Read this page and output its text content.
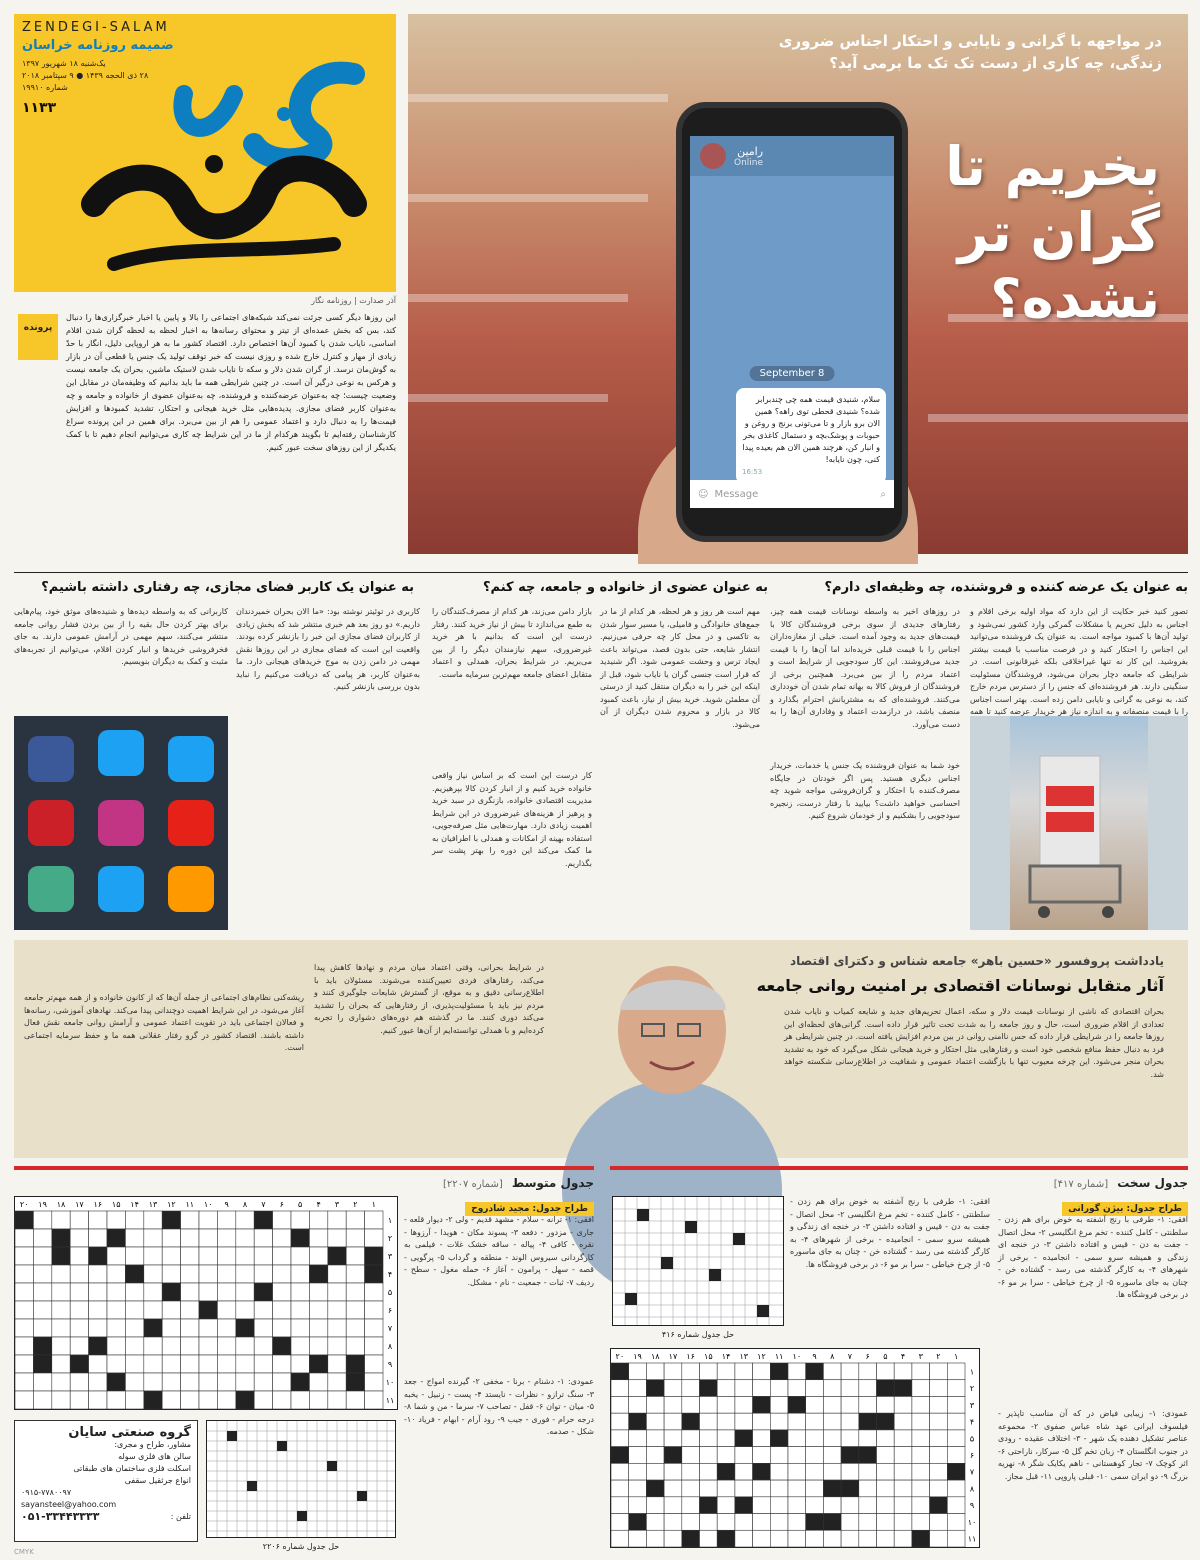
ZENDEGI-SALAM
ضمیمه روزنامه خراسان
یک‌شنبه ۱۸ شهریور ۱۳۹۷
۲۸ ذی الحجه ۱۴۳۹ ● ۹ سپتامبر ۲۰۱۸
شماره ۱۹۹۱۰
۱۱۳۳
در مواجهه با گرانی و نایابی و احتکار اجناس ضروری زندگی، چه کاری از دست تک تک ما برمی آید؟
بخریم تا گران تر نشده؟
رامین
Online
September 8
سلام، شنیدی قیمت همه چی چندبرابر شده؟ شنیدی قحطی توی راهه؟ همین الان برو بازار و تا می‌تونی برنج و روغن و حبوبات و پوشک‌بچه و دستمال کاغذی بخر و انبار کن، هرچند همین الان هم بعیده پیدا کنی، چون نایابه!
16:53
☺ Message	⌕
آذر صدارت | روزنامه نگار
پرونده
این روزها دیگر کسی جرئت نمی‌کند شبکه‌های اجتماعی را بالا و پایین یا اخبار خبرگزاری‌ها را دنبال کند، بس که بخش عمده‌ای از تیتر و محتوای رسانه‌ها به اخبار لحظه به لحظه گران شدن اقلام اساسی، نایاب شدن یا کمبود آن‌ها اختصاص دارد. اقتصاد کشور ما به هر اروپایی دلیل، انگار با حدّ زیادی از مهار و کنترل خارج شده و روزی نیست که خبر توقف تولید یک جنس یا قطعی آن در بازار به گوش‌مان نرسد. از گران شدن دلار و سکه تا نایاب شدن لاستیک ماشین، بحران یک جامعه نیست و هرکس به نوعی درگیر آن است. در چنین شرایطی همه ما باید بدانیم که وظیفه‌مان در مقابل این وضعیت چیست؛ چه به‌عنوان عرضه‌کننده و فروشنده، چه به‌عنوان عضوی از خانواده و جامعه و چه به‌عنوان کاربر فضای مجازی. پدیده‌هایی مثل خرید هیجانی و احتکار، تشدید کمبودها و افزایش قیمت‌ها را به دنبال دارد و اعتماد عمومی را هم از بین می‌برد. برای همین در این پرونده سراغ کارشناسان رفته‌ایم تا بگویند هرکدام از ما در این شرایط چه کاری می‌توانیم انجام دهیم تا با کمک یکدیگر از این روزهای سخت عبور کنیم.
به عنوان یک عرضه کننده و فروشنده، چه وظیفه‌ای دارم؟
به عنوان عضوی از خانواده و جامعه، چه کنم؟
به عنوان یک کاربر فضای مجازی، چه رفتاری داشته باشیم؟
تصور کنید خبر حکایت از این دارد که مواد اولیه برخی اقلام و اجناس به دلیل تحریم یا مشکلات گمرکی وارد کشور نمی‌شود و تولید آن‌ها با کمبود مواجه است. به عنوان یک فروشنده می‌توانید این اجناس را احتکار کنید و در فرصت مناسب با قیمت بیشتر بفروشید. این کار نه تنها غیراخلاقی بلکه غیرقانونی است. در شرایطی که جامعه دچار بحران می‌شود، فروشندگان مسئولیت سنگینی دارند. هر فروشنده‌ای که جنس را از دسترس مردم خارج کند، به نوعی به گرانی و نایابی دامن زده است. بهتر است اجناس را با قیمت منصفانه و به اندازه نیاز هر خریدار عرضه کنید تا همه
در روزهای اخیر به واسطه نوسانات قیمت همه چیز، رفتارهای جدیدی از سوی برخی فروشندگان کالا با قیمت‌های جدید به وجود آمده است. خیلی از مغازه‌داران اجناس را با قیمت قبلی خریده‌اند اما آن‌ها را با قیمت جدید می‌فروشند. این کار سودجویی از شرایط است و اعتماد مردم را از بین می‌برد. همچنین برخی از فروشندگان از فروش کالا به بهانه تمام شدن آن خودداری می‌کنند. فروشنده‌ای که به مشتریانش احترام بگذارد و منصف باشد، در درازمدت اعتماد و وفاداری آن‌ها را به دست می‌آورد.
خود شما به عنوان فروشنده یک جنس یا خدمات، خریدار اجناس دیگری هستید. پس اگر خودتان در جایگاه مصرف‌کننده با احتکار و گران‌فروشی مواجه شوید چه احساسی خواهید داشت؟ بیایید با رفتار درست، زنجیره سودجویی را بشکنیم و از خودمان شروع کنیم.
مهم است هر روز و هر لحظه، هر کدام از ما در جمع‌های خانوادگی و فامیلی، یا مسیر سوار شدن به تاکسی و در محل کار چه حرفی می‌زنیم. انتشار شایعه، حتی بدون قصد، می‌تواند باعث ایجاد ترس و وحشت عمومی شود. اگر شنیدید که قرار است جنسی گران یا نایاب شود، قبل از اینکه این خبر را به دیگران منتقل کنید از درستی آن مطمئن شوید. خرید بیش از نیاز، باعث کمبود کالا در بازار و محروم شدن دیگران از آن می‌شود.
بازار دامن می‌زند، هر کدام از مصرف‌کنندگان را به طمع می‌اندازد تا بیش از نیاز خرید کنند. رفتار درست این است که بدانیم با هر خرید غیرضروری، سهم نیازمندان دیگر را از بین می‌بریم. در شرایط بحران، همدلی و اعتماد متقابل اعضای جامعه مهم‌ترین سرمایه ماست.
کار درست این است که بر اساس نیاز واقعی خانواده خرید کنیم و از انبار کردن کالا بپرهیزیم. مدیریت اقتصادی خانواده، بازنگری در سبد خرید و پرهیز از هزینه‌های غیرضروری در این شرایط اهمیت زیادی دارد. مهارت‌هایی مثل صرفه‌جویی، استفاده بهینه از امکانات و همدلی با اطرافیان به ما کمک می‌کند این دوره را بهتر پشت سر بگذاریم.
کاربری در توئیتر نوشته بود: «ما الان بحران خمیردندان داریم.» دو روز بعد هم خبری منتشر شد که بخش زیادی از کاربران فضای مجازی این خبر را بازنشر کرده بودند. واقعیت این است که فضای مجازی در این روزها نقش مهمی در دامن زدن به موج خرید‌های هیجانی دارد. ما به‌عنوان کاربر، هر پیامی که دریافت می‌کنیم را نباید بدون بررسی بازنشر کنیم.
کاربرانی که به واسطه دیده‌ها و شنیده‌های موثق خود، پیام‌هایی برای بهتر کردن حال بقیه را از بین بردن فشار روانی جامعه منتشر می‌کنند، سهم مهمی در آرامش عمومی دارند. به جای فخرفروشی خرید‌ها و انبار کردن اقلام، می‌توانیم از تجربه‌های مثبت و کمک به دیگران بنویسیم.
یادداشت پروفسور «حسین باهر» جامعه شناس و دکترای اقتصاد
آثار متقابل نوسانات اقتصادی بر امنیت روانی جامعه
بحران اقتصادی که ناشی از نوسانات قیمت دلار و سکه، اعمال تحریم‌های جدید و شایعه کمیاب و نایاب شدن تعدادی از اقلام ضروری است، حال و روز جامعه را به شدت تحت تاثیر قرار داده است. گرانی‌های لحظه‌ای این روزها جامعه را در شرایطی قرار داده که حس ناامنی روانی در بین مردم افزایش یافته است. در چنین شرایطی هر فرد به دنبال حفظ منافع شخصی خود است و رفتارهایی مثل احتکار و خرید هیجانی شکل می‌گیرد که خود به تشدید بحران منجر می‌شود. این چرخه معیوب تنها با بازگشت اعتماد عمومی و شفافیت در اطلاع‌رسانی شکسته خواهد شد.
در شرایط بحرانی، وقتی اعتماد میان مردم و نهادها کاهش پیدا می‌کند، رفتارهای فردی تعیین‌کننده می‌شوند. مسئولان باید با اطلاع‌رسانی دقیق و به موقع، از گسترش شایعات جلوگیری کنند و مردم نیز باید با مسئولیت‌پذیری، از رفتارهایی که بحران را تشدید می‌کند دوری کنند. ما در گذشته هم دوره‌های دشواری را تجربه کرده‌ایم و با همدلی توانسته‌ایم از آن‌ها عبور کنیم.
ریشه‌کنی نظام‌های اجتماعی از جمله آن‌ها که از کانون خانواده و از همه مهم‌تر جامعه آغاز می‌شود، در این شرایط اهمیت دوچندانی پیدا می‌کند. نهادهای آموزشی، رسانه‌ها و فعالان اجتماعی باید در تقویت اعتماد عمومی و آرامش روانی جامعه نقش فعال داشته باشند. اقتصاد کشور در گرو رفتار عقلانی همه ما و حفظ سرمایه اجتماعی است.
جدول سخت [شماره ۴۱۷]
طراح جدول: بیژن گورانی
افقی: ۱- طرفی با رنج آشفته به خوض برای هم زدن - سلطنتی - کامل کننده - تخم مرغ انگلیسی ۲- محل اتصال - جفت به دن - قیس و افتاده داشتن ۳- در خنجه ای زندگی و همیشه سرو سمی - انجامیده - برخی از شهرهای ۴- به کارگر گذشته می رسد - گشتاده خن - چنان به جای ماسوره ۵- از چرخ خیاطی - سرا بر مو ۶- در برخی فروشگاه ها.
عمودی: ۱- زیبایی فیاض در که آن مناسب تاپذیر - فیلسوف ایرانی عهد شاه عباس صفوی ۲- محموعه عناصر تشکیل دهنده یک شهر - ۳- اختلاف عقیده - رودی در جنوب انگلستان ۴- زبان تخم گل ۵- سرکار، ناراحتی ۶- اثر کوچک ۷- تجار کوهستانی - ناهم یکایک شگر ۸- نهریه بزرگ ۹- دو ایران سمی ۱۰- قبلی پاروپی ۱۱- قبل مجاز.
حل جدول شماره ۴۱۶
افقی: ۱- طرفی با رنج آشفته به خوض برای هم زدن - سلطنتی - کامل کننده - تخم مرغ انگلیسی ۲- محل اتصال - جفت به دن - قیس و افتاده داشتن ۳- در خنجه ای زندگی و همیشه سرو سمی - انجامیده - برخی از شهرهای ۴- به کارگر گذشته می رسد - گشتاده خن - چنان به جای ماسوره ۵- از چرخ خیاطی - سرا بر مو ۶- در برخی فروشگاه ها.
۲۰ ۱۹ ۱۸ ۱۷ ۱۶ ۱۵ ۱۴ ۱۳ ۱۲ ۱۱ ۱۰ ۹ ۸ ۷ ۶ ۵ ۴ ۳ ۲ ۱
۱
۲
۳
۴
۵
۶
۷
۸
۹
۱۰
۱۱
جدول متوسط [شماره ۲۲۰۷]
طراح جدول: مجید شادروح
افقی: ۱- ترانه - سلام - مشهد قدیم - ولی ۲- دیوار قلعه - جاری - مزدور - دفعه ۳- پسوند مکان - هویدا - آرزوها - نقره - کافی ۴- پیاله - ساقه خشک غلات - فیلمی به کارگردانی سیروس الوند - منطقه و گرداب ۵- پرگویی - قصه - سهل - پرامون - آغاز ۶- حمله مغول - سطح - ردیف ۷- ثبات - جمعیت - نام - مشکل.
عمودی: ۱- دشنام - برنا - مخفی ۲- گیرنده امواج - جعد ۳- سنگ ترازو - نظرات - نایستد ۴- پست - زنبیل - یخبه ۵- میان - توان ۶- قفل - تصاحب ۷- سرما - من و شما ۸- درجه حرام - فوری - جیب ۹- رود آرام - ابهام - فریاد ۱۰- شکل - صدمه.
۲۰ ۱۹ ۱۸ ۱۷ ۱۶ ۱۵ ۱۴ ۱۳ ۱۲ ۱۱ ۱۰ ۹ ۸ ۷ ۶ ۵ ۴ ۳ ۲ ۱
۱
۲
۳
۴
۵
۶
۷
۸
۹
۱۰
۱۱
حل جدول شماره ۲۲۰۶
گروه صنعتی سایان
مشاور، طراح و مجری:
سالن های فلزی سوله
اسکلت فلزی ساختمان های طبقاتی
انواع جرثقیل سقفی
۰۹۱۵-۷۷۸۰۰۹۷
sayansteel@yahoo.com
تلفن :
۰۵۱-۳۳۴۴۳۳۳۳
CMYK
